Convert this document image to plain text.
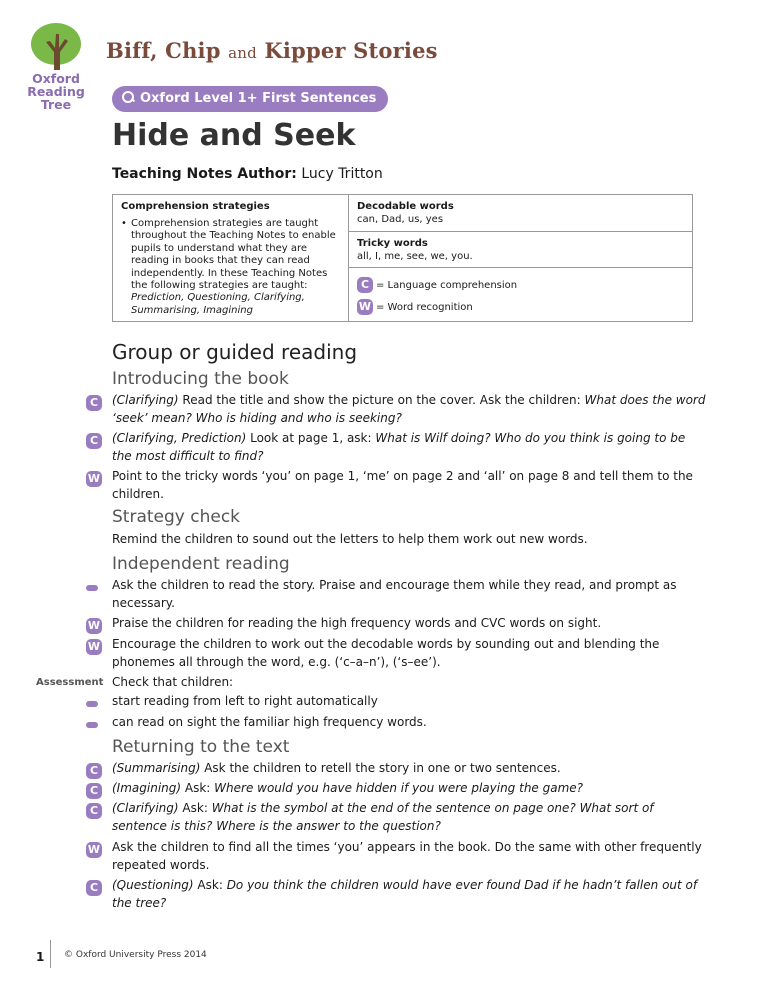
Oxford
Reading
Tree
Biff, Chip and Kipper Stories
Oxford Level 1+ First Sentences
Hide and Seek
Teaching Notes Author: Lucy Tritton
Comprehension strategies
• Comprehension strategies are taught throughout the Teaching Notes to enable pupils to understand what they are reading in books that they can read independently. In these Teaching Notes the following strategies are taught:
Prediction, Questioning, Clarifying, Summarising, Imagining
Decodable words

can, Dad, us, yes

Tricky words

all, I, me, see, we, you.

C = Language comprehension
W = Word recognition
Group or guided reading
Introducing the book
C	(Clarifying) Read the title and show the picture on the cover. Ask the children: What does the word ‘seek’ mean? Who is hiding and who is seeking?
C	(Clarifying, Prediction) Look at page 1, ask: What is Wilf doing? Who do you think is going to be the most difficult to find?
W Point to the tricky words ‘you’ on page 1, ‘me’ on page 2 and ‘all’ on page 8 and tell them to the children.
Strategy check
Remind the children to sound out the letters to help them work out new words.
Independent reading
Ask the children to read the story. Praise and encourage them while they read, and prompt as necessary.
W Praise the children for reading the high frequency words and CVC words on sight.
W Encourage the children to work out the decodable words by sounding out and blending the phonemes all through the word, e.g. (‘c–a–n’), (‘s–ee’).
Assessment Check that children:
start reading from left to right automatically
can read on sight the familiar high frequency words.
Returning to the text
C	(Summarising) Ask the children to retell the story in one or two sentences.
C	(Imagining) Ask: Where would you have hidden if you were playing the game?
C	(Clarifying) Ask: What is the symbol at the end of the sentence on page one? What sort of sentence is this? Where is the answer to the question?
W Ask the children to find all the times ‘you’ appears in the book. Do the same with other frequently repeated words.
C	(Questioning) Ask: Do you think the children would have ever found Dad if he hadn’t fallen out of the tree?
1 © Oxford University Press 2014
